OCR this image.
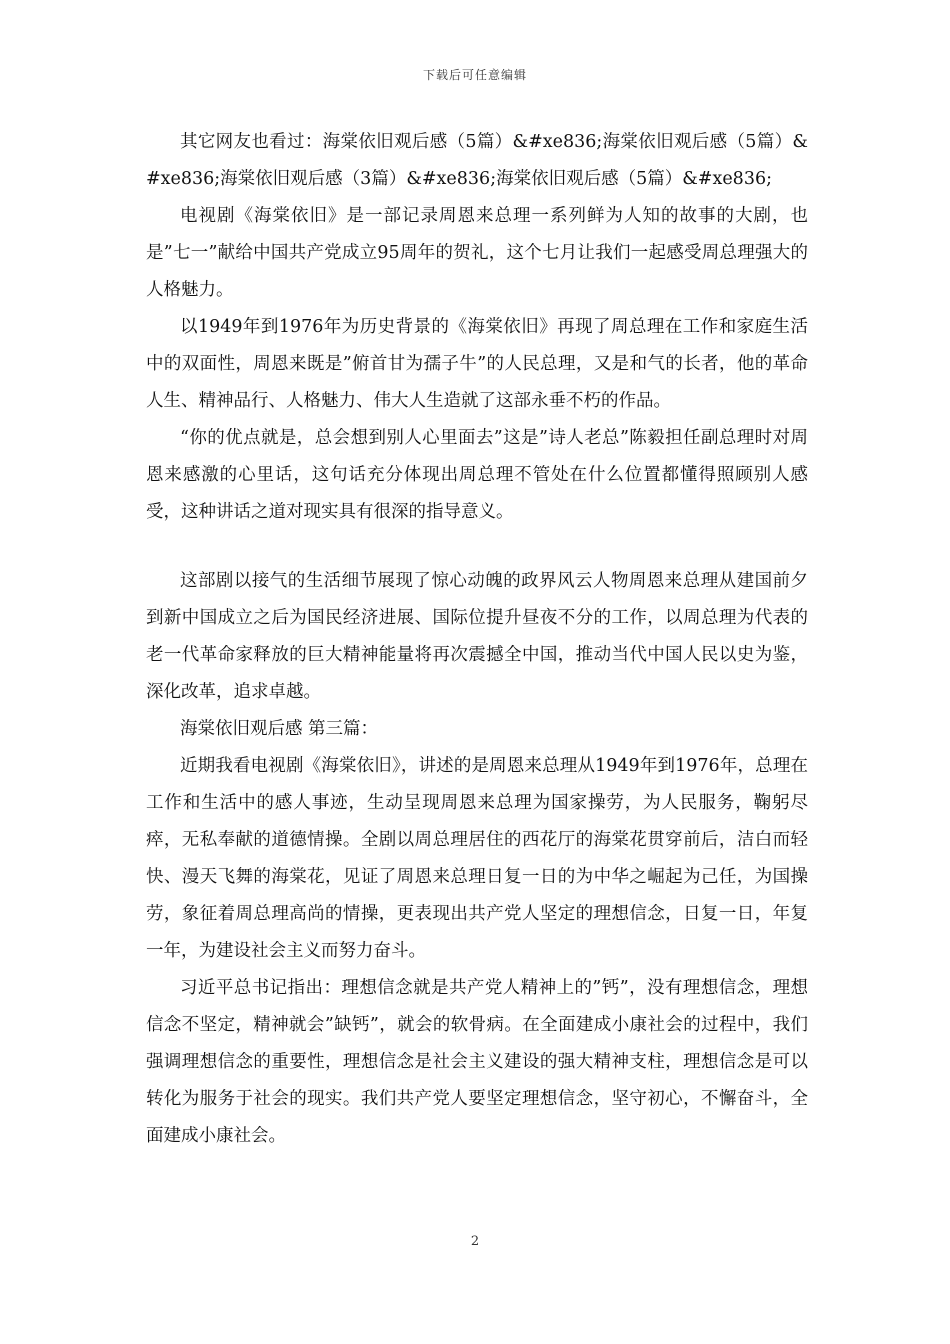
下载后可任意编辑

其它网友也看过：海棠依旧观后感（5篇）&#xe836;海棠依旧观后感（5篇）&#xe836;海棠依旧观后感（3篇）&#xe836;海棠依旧观后感（5篇）&#xe836;

电视剧《海棠依旧》是一部记录周恩来总理一系列鲜为人知的故事的大剧，也是”七一”献给中国共产党成立95周年的贺礼，这个七月让我们一起感受周总理强大的人格魅力。

以1949年到1976年为历史背景的《海棠依旧》再现了周总理在工作和家庭生活中的双面性，周恩来既是”俯首甘为孺子牛”的人民总理，又是和气的长者，他的革命人生、精神品行、人格魅力、伟大人生造就了这部永垂不朽的作品。

“你的优点就是，总会想到别人心里面去”这是”诗人老总”陈毅担任副总理时对周恩来感激的心里话，这句话充分体现出周总理不管处在什么位置都懂得照顾别人感受，这种讲话之道对现实具有很深的指导意义。

这部剧以接气的生活细节展现了惊心动魄的政界风云人物周恩来总理从建国前夕到新中国成立之后为国民经济进展、国际位提升昼夜不分的工作，以周总理为代表的老一代革命家释放的巨大精神能量将再次震撼全中国，推动当代中国人民以史为鉴，深化改革，追求卓越。

海棠依旧观后感 第三篇：

近期我看电视剧《海棠依旧》，讲述的是周恩来总理从1949年到1976年，总理在工作和生活中的感人事迹，生动呈现周恩来总理为国家操劳，为人民服务，鞠躬尽瘁，无私奉献的道德情操。全剧以周总理居住的西花厅的海棠花贯穿前后，洁白而轻快、漫天飞舞的海棠花，见证了周恩来总理日复一日的为中华之崛起为己任，为国操劳，象征着周总理高尚的情操，更表现出共产党人坚定的理想信念，日复一日，年复一年，为建设社会主义而努力奋斗。

习近平总书记指出：理想信念就是共产党人精神上的”钙”，没有理想信念，理想信念不坚定，精神就会”缺钙”，就会的软骨病。在全面建成小康社会的过程中，我们强调理想信念的重要性，理想信念是社会主义建设的强大精神支柱，理想信念是可以转化为服务于社会的现实。我们共产党人要坚定理想信念，坚守初心，不懈奋斗，全面建成小康社会。

2
